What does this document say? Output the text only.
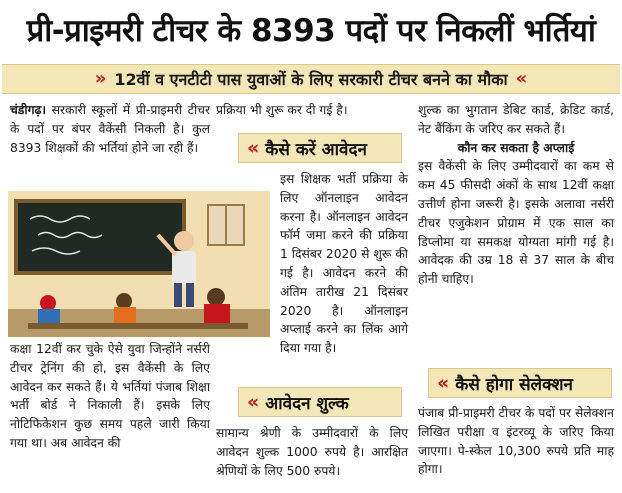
प्री-प्राइमरी टीचर के 8393 पदों पर निकलीं भर्तियां
» 12वीं व एनटीटी पास युवाओं के लिए सरकारी टीचर बनने का मौका «

चंडीगढ़। सरकारी स्कूलों में प्री-प्राइमरी टीचर के पदों पर बंपर वैकेंसी निकली है। कुल 8393 शिक्षकों की भर्तियां होने जा रही हैं।

कक्षा 12वीं कर चुके ऐसे युवा जिन्होंने नर्सरी टीचर ट्रेनिंग की हो, इस वैकेंसी के लिए आवेदन कर सकते हैं। ये भर्तियां पंजाब शिक्षा भर्ती बोर्ड ने निकाली हैं। इसके लिए नोटिफिकेशन कुछ समय पहले जारी किया गया था। अब आवेदन की

प्रक्रिया भी शुरू कर दी गई है।

« कैसे करें आवेदन

इस शिक्षक भर्ती प्रक्रिया के लिए ऑनलाइन आवेदन करना है। ऑनलाइन आवेदन फॉर्म जमा करने की प्रक्रिया 1 दिसंबर 2020 से शुरू की गई है। आवेदन करने की अंतिम तारीख 21 दिसंबर 2020 है। ऑनलाइन अप्लाई करने का लिंक आगे दिया गया है।

« आवेदन शुल्क

सामान्य श्रेणी के उम्मीदवारों के लिए आवेदन शुल्क 1000 रुपये है। आरक्षित श्रेणियों के लिए 500 रुपये।

शुल्क का भुगतान डेबिट कार्ड, क्रेडिट कार्ड, नेट बैंकिंग के जरिए कर सकते हैं।

कौन कर सकता है अप्लाई

इस वैकेंसी के लिए उम्मीदवारों का कम से कम 45 फीसदी अंकों के साथ 12वीं कक्षा उत्तीर्ण होना जरूरी है। इसके अलावा नर्सरी टीचर एजुकेशन प्रोग्राम में एक साल का डिप्लोमा या समकक्ष योग्यता मांगी गई है। आवेदक की उम्र 18 से 37 साल के बीच होनी चाहिए।

« कैसे होगा सेलेक्शन

पंजाब प्री-प्राइमरी टीचर के पदों पर सेलेक्शन लिखित परीक्षा व इंटरव्यू के जरिए किया जाएगा। पे-स्केल 10,300 रुपये प्रति माह होगा।
